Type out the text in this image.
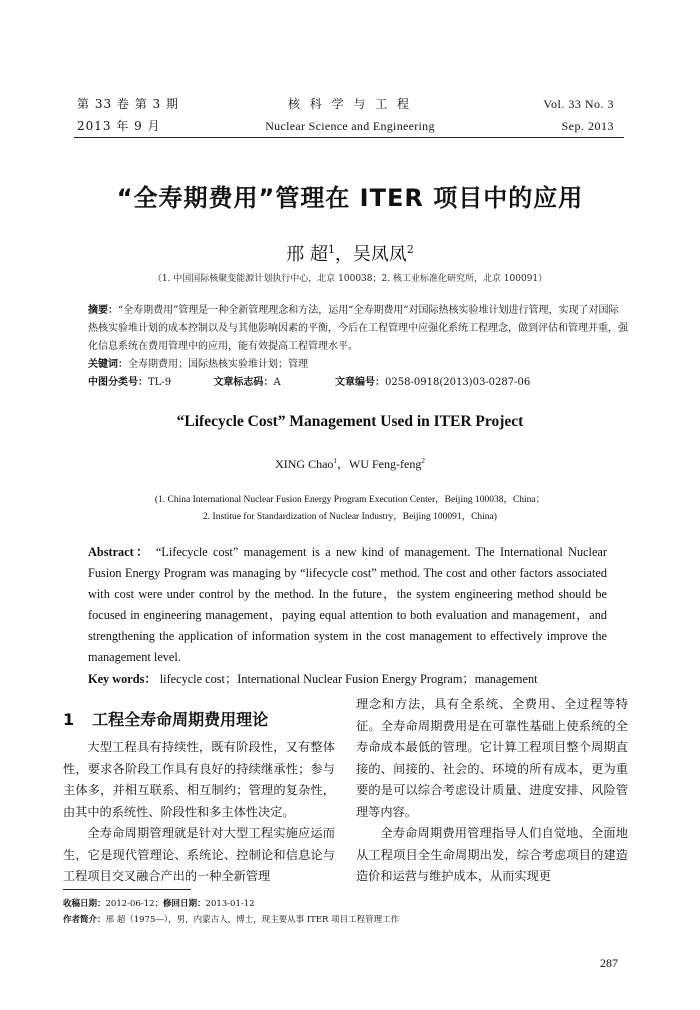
第 33 卷 第 3 期
2013 年 9 月
核 科 学 与 工 程
Nuclear Science and Engineering
Vol. 33 No. 3
Sep. 2013
“全寿期费用”管理在 ITER 项目中的应用
邢 超$^1$，吴凤凤$^2$
（1. 中国国际核聚变能源计划执行中心，北京 100038；2. 核工业标准化研究所，北京 100091）

摘要：“全寿期费用”管理是一种全新管理理念和方法，运用“全寿期费用”对国际热核实验堆计划进行管理，实现了对国际热核实验堆计划的成本控制以及与其他影响因素的平衡，今后在工程管理中应强化系统工程理念，做到评估和管理并重，强化信息系统在费用管理中的应用，能有效提高工程管理水平。

关键词：全寿期费用；国际热核实验堆计划；管理

中图分类号：TL-9	文章标志码：A	文章编号：0258-0918(2013)03-0287-06

“Lifecycle Cost” Management Used in ITER Project
XING Chao$^1$，WU Feng-feng$^2$
(1. China International Nuclear Fusion Energy Program Execution Center，Beijing 100038，China；
2. Institue for Standardization of Nuclear Industry，Beijing 100091，China)

Abstract： “Lifecycle cost” management is a new kind of management. The International Nuclear Fusion Energy Program was managing by “lifecycle cost” method. The cost and other factors associated with cost were under control by the method. In the future，the system engineering method should be focused in engineering management，paying equal attention to both evaluation and management，and strengthening the application of information system in the cost management to effectively improve the management level.

Key words： lifecycle cost；International Nuclear Fusion Energy Program；management

1 工程全寿命周期费用理论

大型工程具有持续性，既有阶段性，又有整体性，要求各阶段工作具有良好的持续继承性；参与主体多，并相互联系、相互制约；管理的复杂性，由其中的系统性、阶段性和多主体性决定。

全寿命周期管理就是针对大型工程实施应运而生，它是现代管理论、系统论、控制论和信息论与工程项目交叉融合产出的一种全新管理

理念和方法，具有全系统、全费用、全过程等特征。全寿命周期费用是在可靠性基础上使系统的全寿命成本最低的管理。它计算工程项目整个周期直接的、间接的、社会的、环境的所有成本，更为重要的是可以综合考虑设计质量、进度安排、风险管理等内容。

全寿命周期费用管理指导人们自觉地、全面地从工程项目全生命周期出发，综合考虑项目的建造造价和运营与维护成本，从而实现更

收稿日期：2012-06-12；修回日期：2013-01-12
作者简介：邢 超（1975—），男，内蒙古人，博士，现主要从事 ITER 项目工程管理工作
287
